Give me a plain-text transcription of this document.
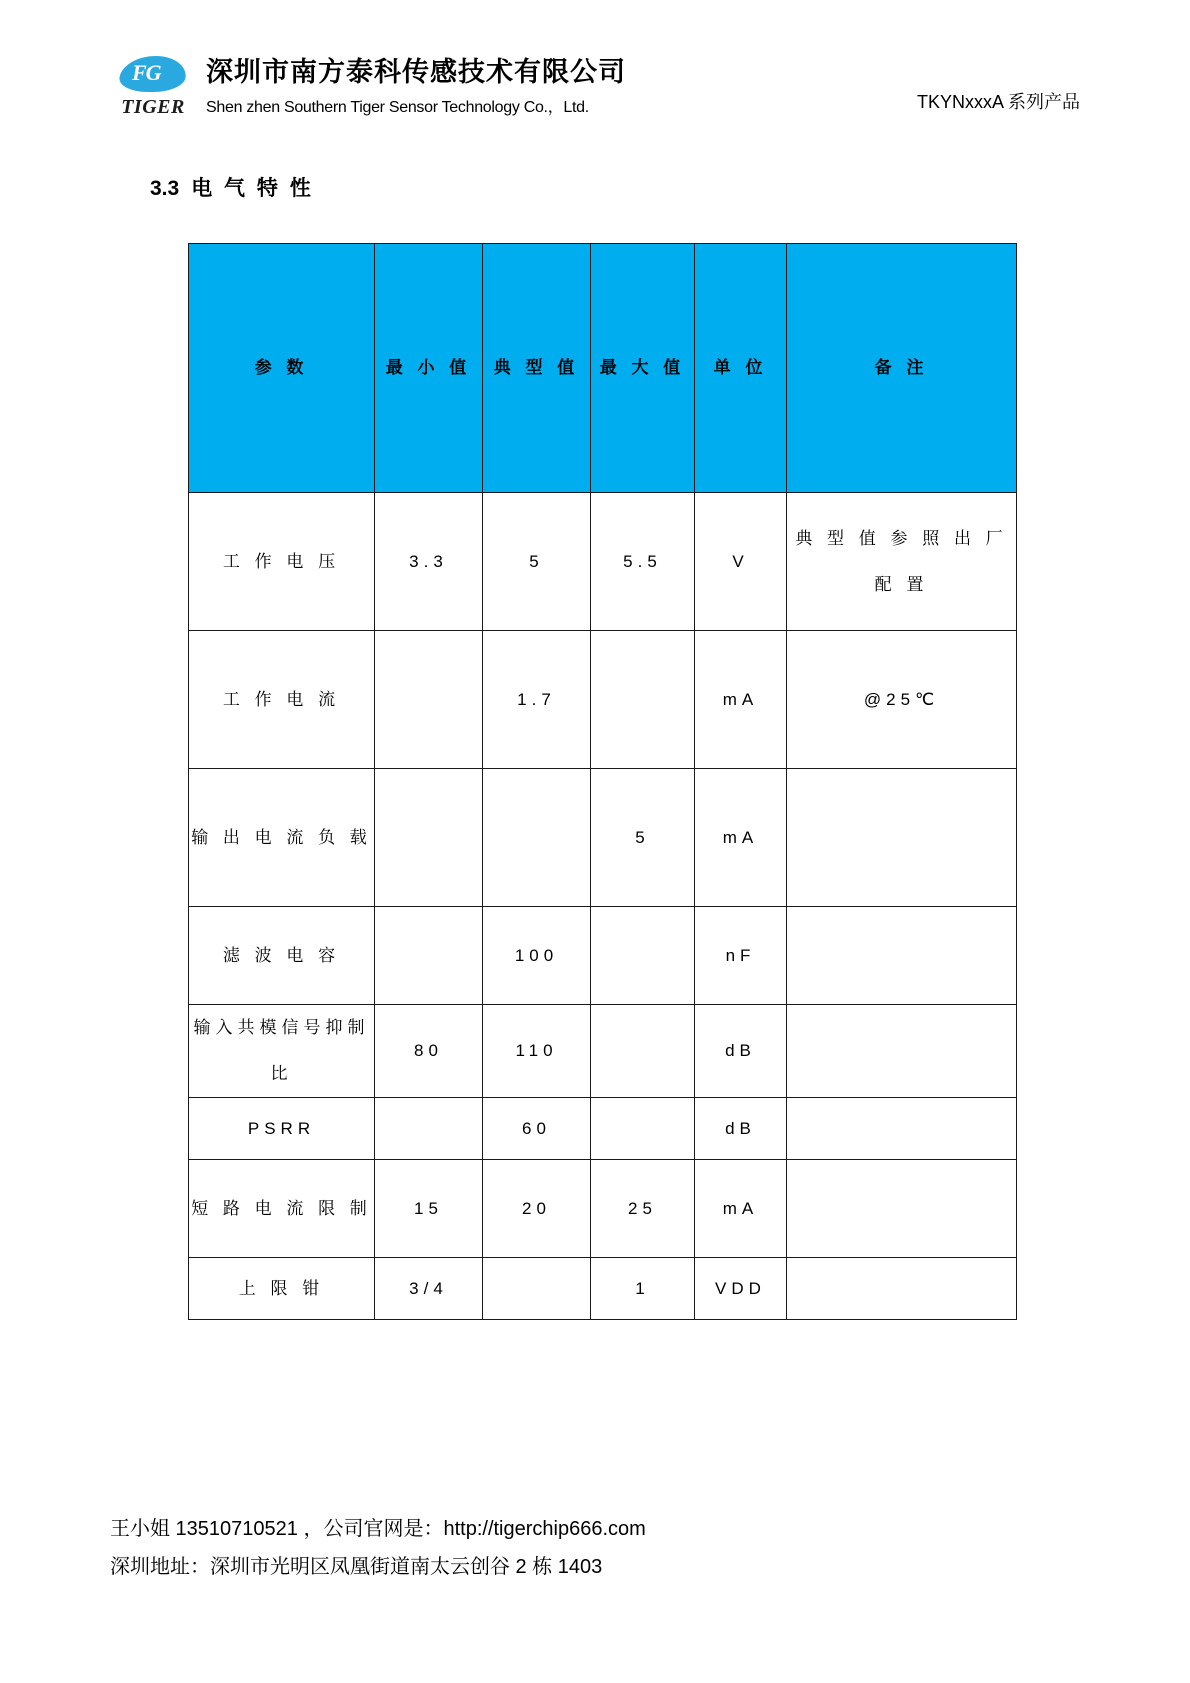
FG
TIGER
深圳市南方泰科传感技术有限公司
Shen zhen Southern Tiger Sensor Technology Co.，Ltd.	TKYNxxxA 系列产品
3.3 电 气 特 性
参 数	最 小 值	典 型 值	最 大 值	单 位	备 注
工 作 电 压	3.3	5	5.5	V	典 型 值 参 照 出 厂 配 置
工 作 电 流		1.7		mA	@25℃
输 出 电 流 负 载			5	mA	
滤 波 电 容		100		nF	
输入共模信号抑制比	80	110		dB	
PSRR		60		dB	
短 路 电 流 限 制	15	20	25	mA	
上 限 钳	3/4		1	VDD	
王小姐 13510710521 ，公司官网是：http://tigerchip666.com
深圳地址：深圳市光明区凤凰街道南太云创谷 2 栋 1403
